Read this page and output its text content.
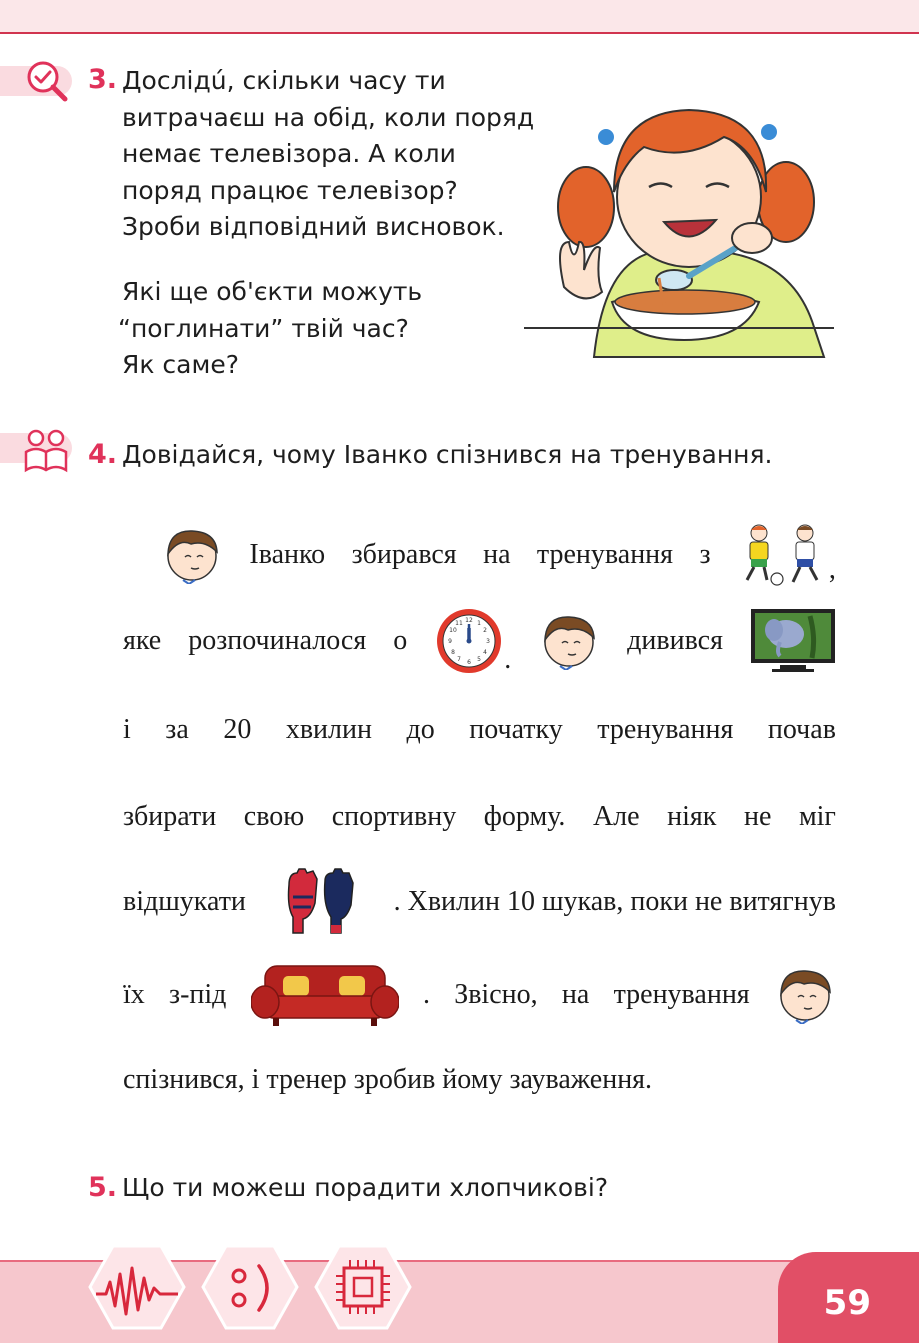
3. Дослідú, скільки часу ти
витрачаєш на обід, коли поряд
немає телевізора. А коли
поряд працює телевізор?
Зроби відповідний висновок.
Які ще об'єкти можуть
“поглинати” твій час?
Як саме?
4. Довідайся, чому Іванко спізнився на тренування.
Іванко збирався на тренування з	,
яке розпочиналося о
12 1
2
3
4
5
6
7
8
9
10
11
.
дивився
і за 20 хвилин до початку тренування почав
збирати свою спортивну форму. Але ніяк не міг
відшукати	. Хвилин 10 шукав, поки не витягнув
їх з-під	. Звісно, на тренування
спізнився, і тренер зробив йому зауваження.
5. Що ти можеш порадити хлопчикові?
59
